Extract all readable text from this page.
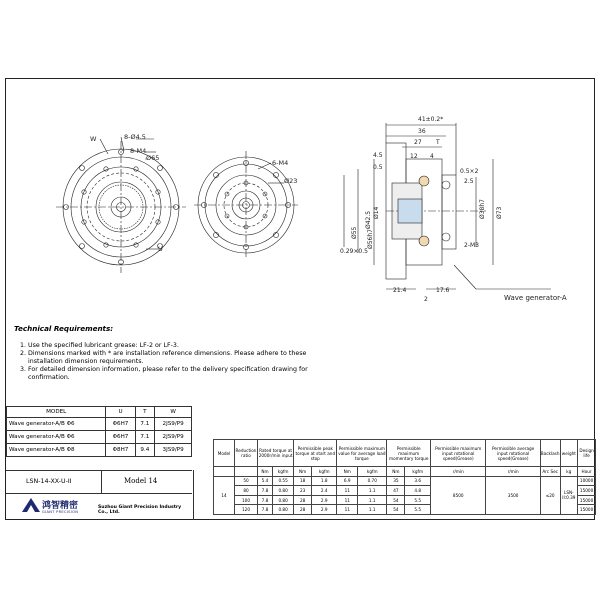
W	8-Ø4.5
8-M4
Ø65
U
6-M4
Ø23
41±0.2*
36
27 T
4.5
0.5
12 4
0.5×2
2.5
Ø56h7
Ø55
Ø42.5 Ø14	Ø73
Ø38h7
0.29×0.5
2-M3
21.4	17.6
2	Wave generator-A
Technical Requirements:
1. Use the specified lubricant grease: LF-2 or LF-3.
2. Dimensions marked with * are installation reference dimensions. Please adhere to these installation dimension requirements.
3. For detailed dimension information, please refer to the delivery specification drawing for confirmation.
MODEL	U	T	W
Wave generator-A/B Φ6	Φ6H7	7.1	2JS9/P9
Wave generator-A/B Φ6	Φ6H7	7.1	2JS9/P9
Wave generator-A/B Φ8	Φ8H7	9.4	3JS9/P9
LSN-14-XX-U-II	Model 14
鸿智精密
GIANT PRECISION
Suzhou Giant Precision Industry Co., Ltd.
Model	Reduction ratio	Rated torque at 2000r/min input		Permissible peak torque at start and stop		Permissible maximum value for average load torque		Permissible maximum momentary torque		Permissible maximum input rotational speed(Grease)	Permissible average input rotational speed(Grease)	Backlash	weight	Design life
		Nm	kgfm	Nm	kgfm	Nm	kgfm	Nm	kgfm	r/min	r/min	Arc Sec	kg	Hour
14	50	5.4	0.55	18	1.8	6.9	0.70	35	3.6	8500	3500	≤20	LSN-II:0.39	10000
	80	7.8	0.80	23	2.4	11	1.1	47	4.8					15000
	100	7.8	0.80	28	2.9	11	1.1	54	5.5					15000
	120	7.8	0.80	28	2.9	11	1.1	54	5.5					15000
